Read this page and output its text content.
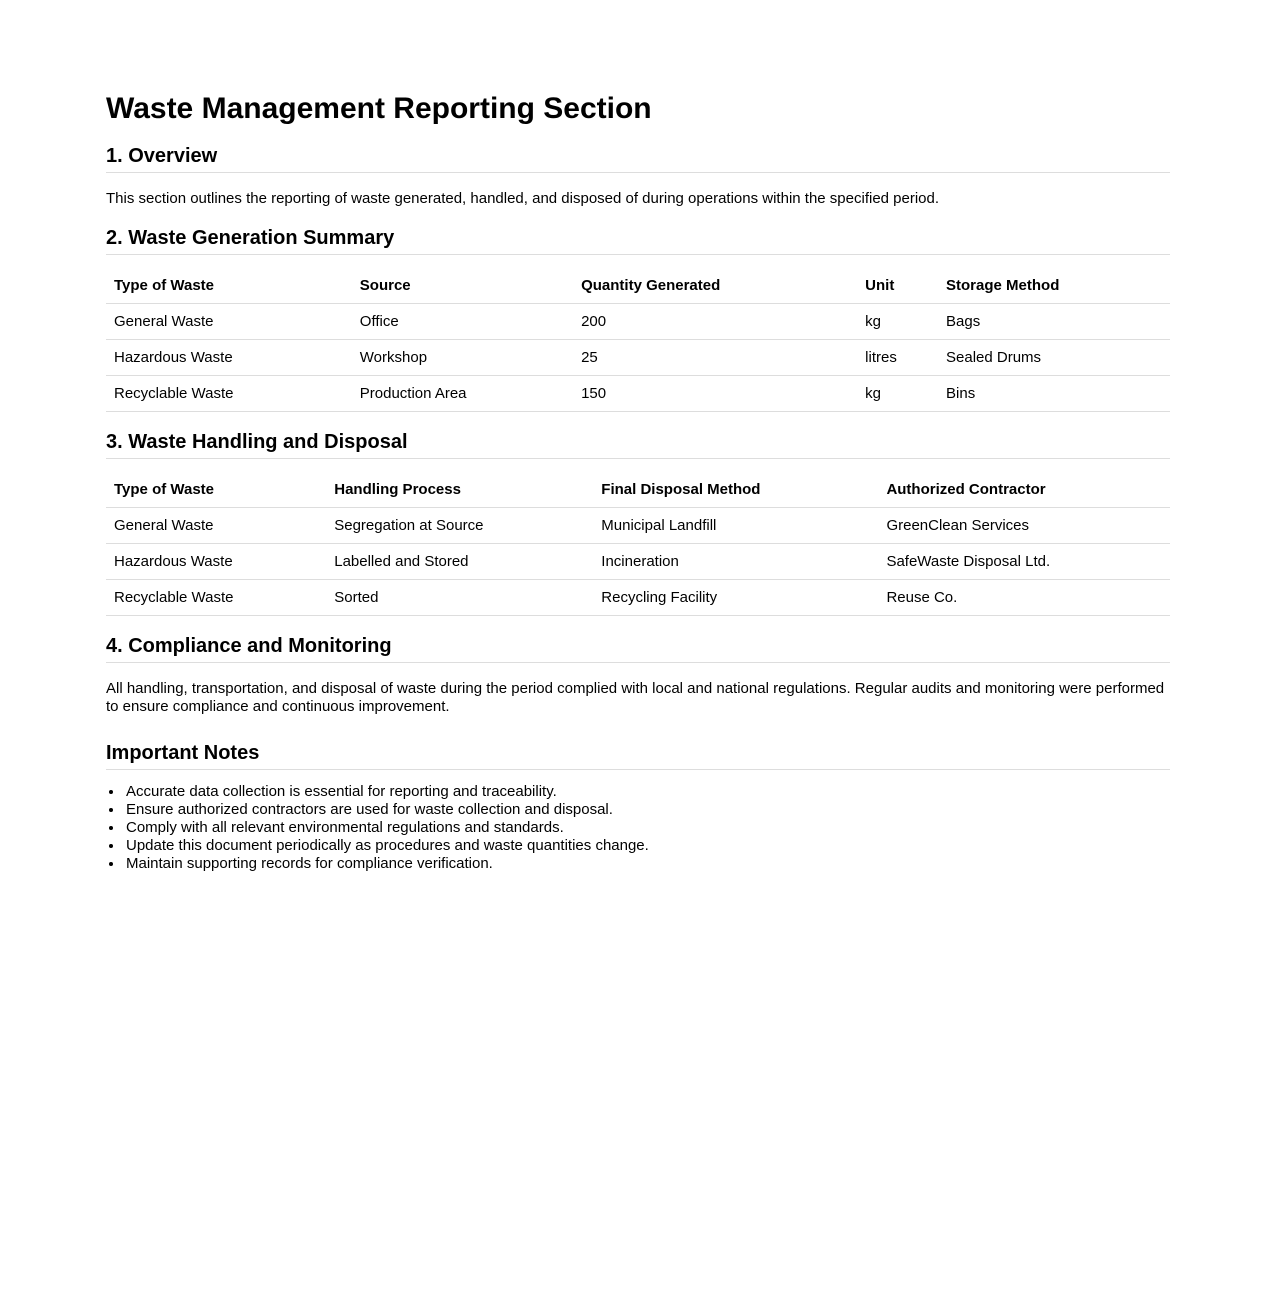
Waste Management Reporting Section
1. Overview

This section outlines the reporting of waste generated, handled, and disposed of during operations within the specified period.

2. Waste Generation Summary
Type of Waste	Source	Quantity Generated	Unit	Storage Method
General Waste	Office	200	kg	Bags
Hazardous Waste	Workshop	25	litres	Sealed Drums
Recyclable Waste	Production Area	150	kg	Bins
3. Waste Handling and Disposal
Type of Waste	Handling Process	Final Disposal Method	Authorized Contractor
General Waste	Segregation at Source	Municipal Landfill	GreenClean Services
Hazardous Waste	Labelled and Stored	Incineration	SafeWaste Disposal Ltd.
Recyclable Waste	Sorted	Recycling Facility	Reuse Co.
4. Compliance and Monitoring

All handling, transportation, and disposal of waste during the period complied with local and national regulations. Regular audits and monitoring were performed to ensure compliance and continuous improvement.

Important Notes
• Accurate data collection is essential for reporting and traceability.
• Ensure authorized contractors are used for waste collection and disposal.
• Comply with all relevant environmental regulations and standards.
• Update this document periodically as procedures and waste quantities change.
• Maintain supporting records for compliance verification.
